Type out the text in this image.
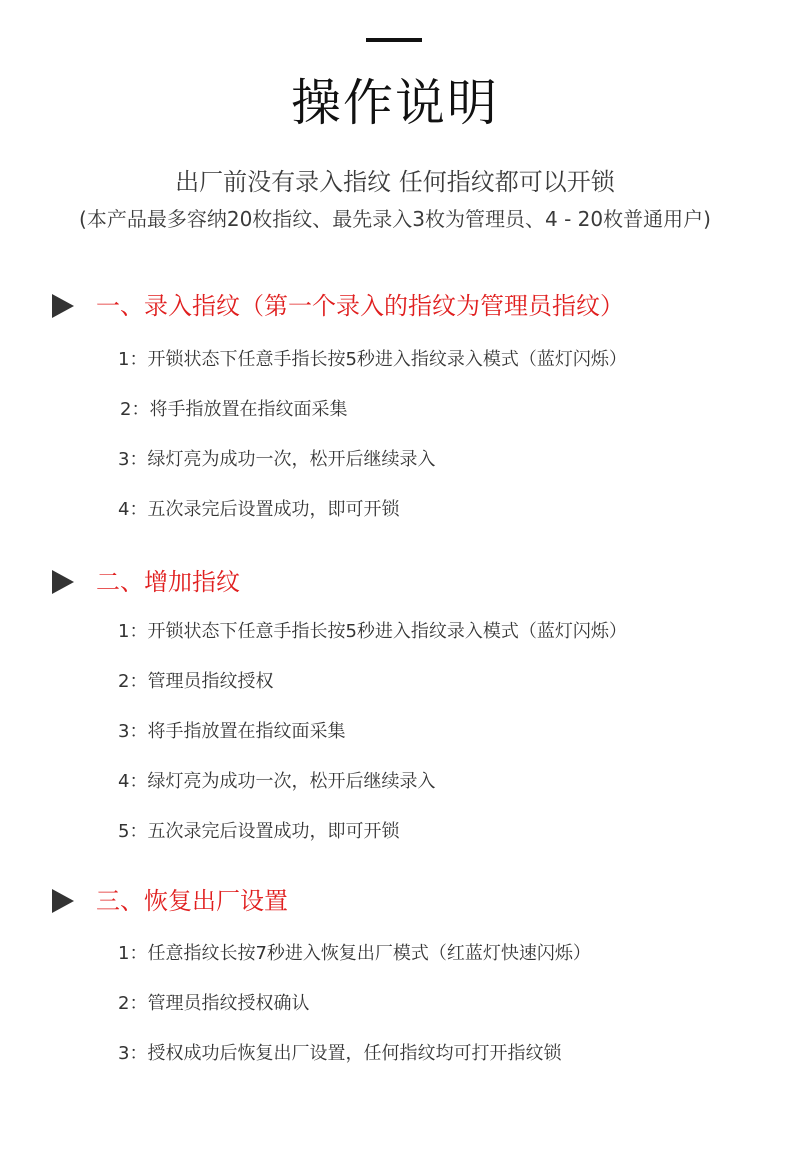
操作说明
出厂前没有录入指纹 任何指纹都可以开锁
(本产品最多容纳20枚指纹、最先录入3枚为管理员、4 - 20枚普通用户)
一、录入指纹（第一个录入的指纹为管理员指纹）
1：开锁状态下任意手指长按5秒进入指纹录入模式（蓝灯闪烁）
2：将手指放置在指纹面采集
3：绿灯亮为成功一次，松开后继续录入
4：五次录完后设置成功，即可开锁
二、增加指纹
1：开锁状态下任意手指长按5秒进入指纹录入模式（蓝灯闪烁）
2：管理员指纹授权
3：将手指放置在指纹面采集
4：绿灯亮为成功一次，松开后继续录入
5：五次录完后设置成功，即可开锁
三、恢复出厂设置
1：任意指纹长按7秒进入恢复出厂模式（红蓝灯快速闪烁）
2：管理员指纹授权确认
3：授权成功后恢复出厂设置，任何指纹均可打开指纹锁
